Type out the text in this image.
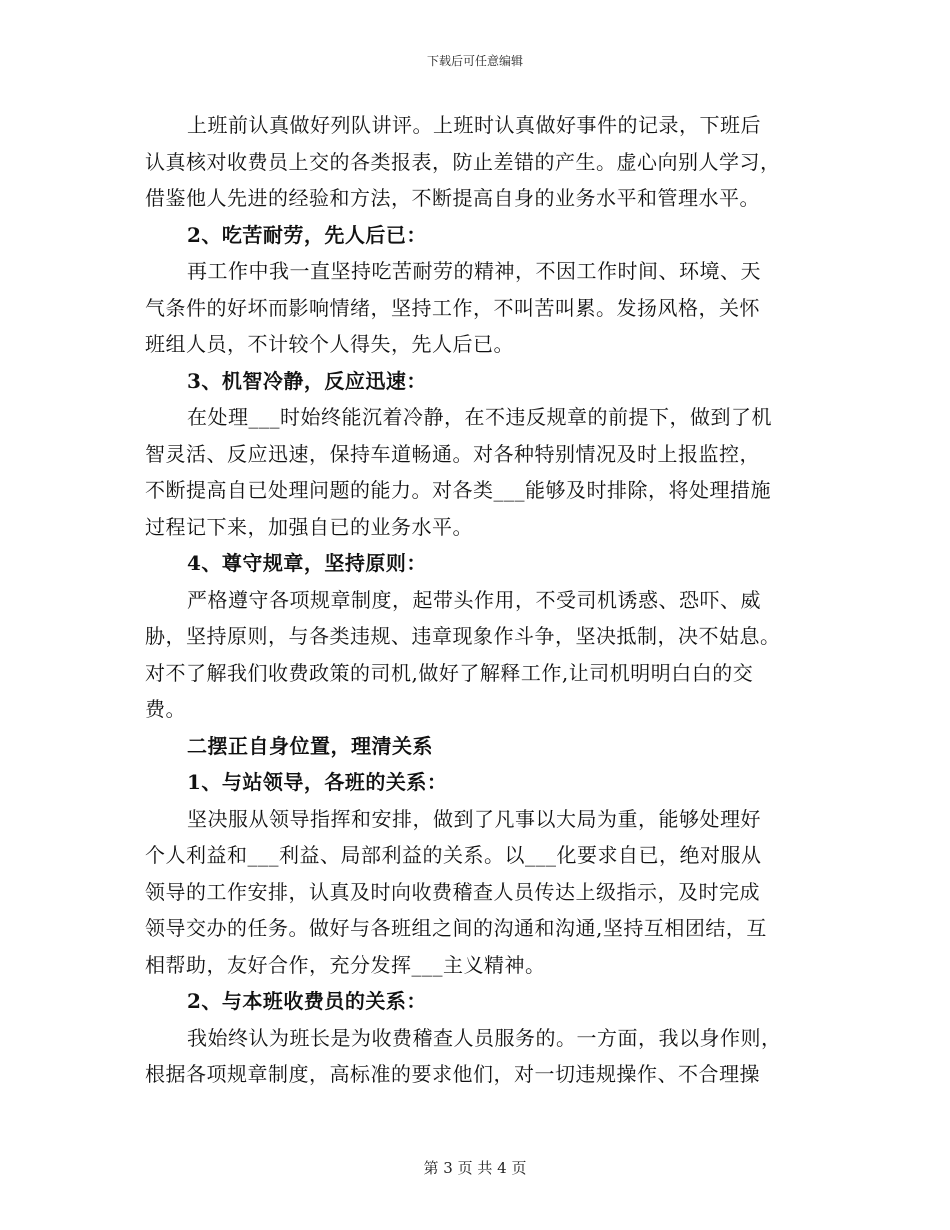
下载后可任意编辑
上班前认真做好列队讲评。上班时认真做好事件的记录，下班后
认真核对收费员上交的各类报表，防止差错的产生。虚心向别人学习，
借鉴他人先进的经验和方法，不断提高自身的业务水平和管理水平。
2、吃苦耐劳，先人后已：
再工作中我一直坚持吃苦耐劳的精神，不因工作时间、环境、天
气条件的好坏而影响情绪，坚持工作，不叫苦叫累。发扬风格，关怀
班组人员，不计较个人得失，先人后已。
3、机智冷静，反应迅速：
在处理___时始终能沉着冷静，在不违反规章的前提下，做到了机
智灵活、反应迅速，保持车道畅通。对各种特别情况及时上报监控，
不断提高自已处理问题的能力。对各类___能够及时排除，将处理措施
过程记下来，加强自已的业务水平。
4、尊守规章，坚持原则：
严格遵守各项规章制度，起带头作用，不受司机诱惑、恐吓、威
胁，坚持原则，与各类违规、违章现象作斗争，坚决抵制，决不姑息。
对不了解我们收费政策的司机,做好了解释工作,让司机明明白白的交
费。
二摆正自身位置，理清关系
1、与站领导，各班的关系：
坚决服从领导指挥和安排，做到了凡事以大局为重，能够处理好
个人利益和___利益、局部利益的关系。以___化要求自已，绝对服从
领导的工作安排，认真及时向收费稽查人员传达上级指示，及时完成
领导交办的任务。做好与各班组之间的沟通和沟通,坚持互相团结，互
相帮助，友好合作，充分发挥___主义精神。
2、与本班收费员的关系：
我始终认为班长是为收费稽查人员服务的。一方面，我以身作则，
根据各项规章制度，高标准的要求他们，对一切违规操作、不合理操
第 3 页 共 4 页
